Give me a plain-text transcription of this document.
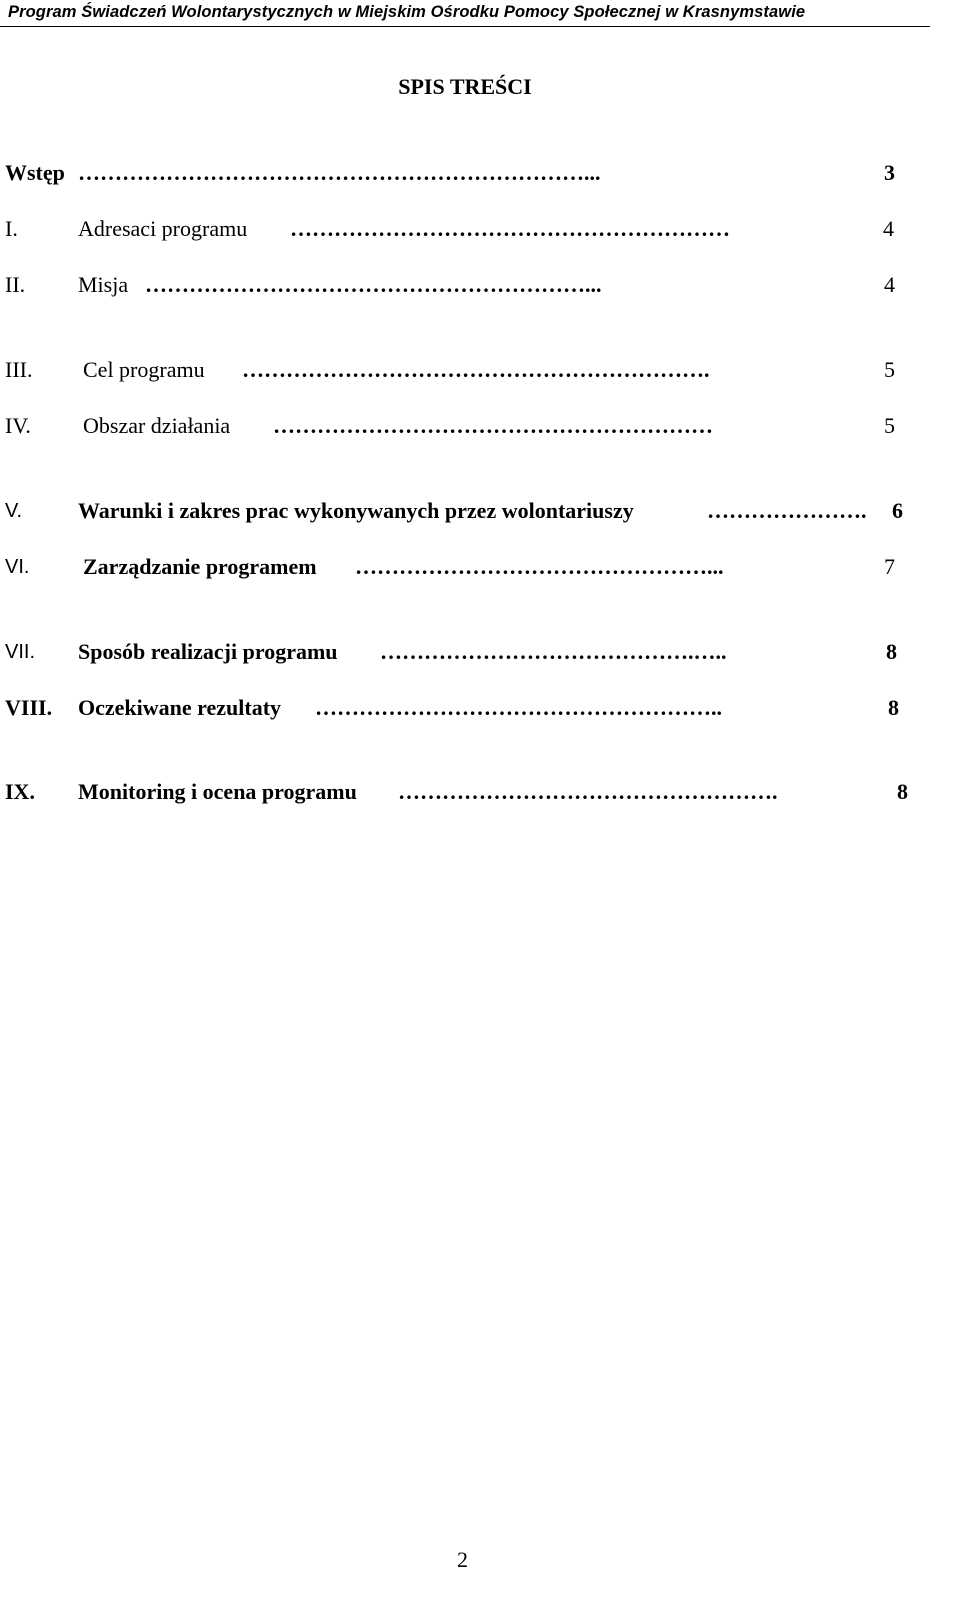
Program Świadczeń Wolontarystycznych w Miejskim Ośrodku Pomocy Społecznej w Krasnymstawie
SPIS TREŚCI
Wstęp ……………………………………………………………...	3
I.	Adresaci programu ……………………………………………………	4
II. Misja ……………………………………………………...	4
III. Cel programu ……………………………………………………….	5
IV. Obszar działania ……………………………………………………	5
V.	Warunki i zakres prac wykonywanych przez wolontariuszy	………………….	6
VI. Zarządzanie programem …………………………………………...	7
VII. Sposób realizacji programu …………………………………….…..	8
VIII. Oczekiwane rezultaty ………………………………………………..	8
IX. Monitoring i ocena programu …………………………………………….	8
2
